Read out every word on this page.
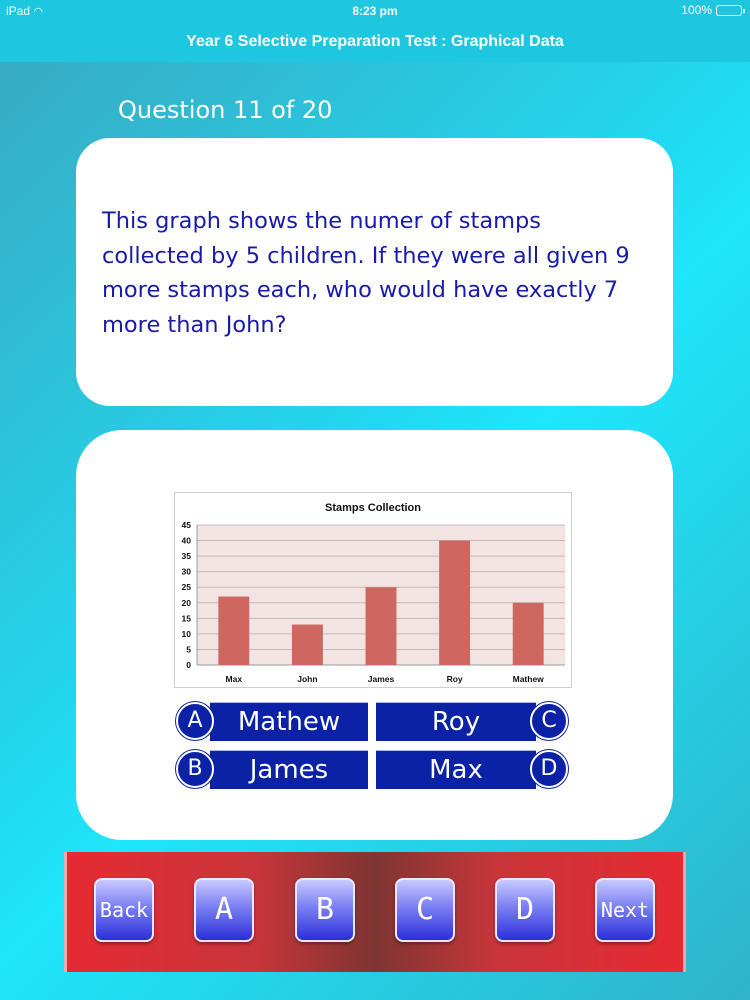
iPad ◠	8:23 pm	100%
Year 6 Selective Preparation Test : Graphical Data
Question 11 of 20
This graph shows the numer of stamps collected by 5 children. If they were all given 9 more stamps each, who would have exactly 7 more than John?
Stamps Collection
0
5
10
15
20
25
30
35
40
45
Max	John	James	Roy	Mathew
Mathew
A
James
B
Roy	C
Max	D
Back	A	B	C	D	Next
